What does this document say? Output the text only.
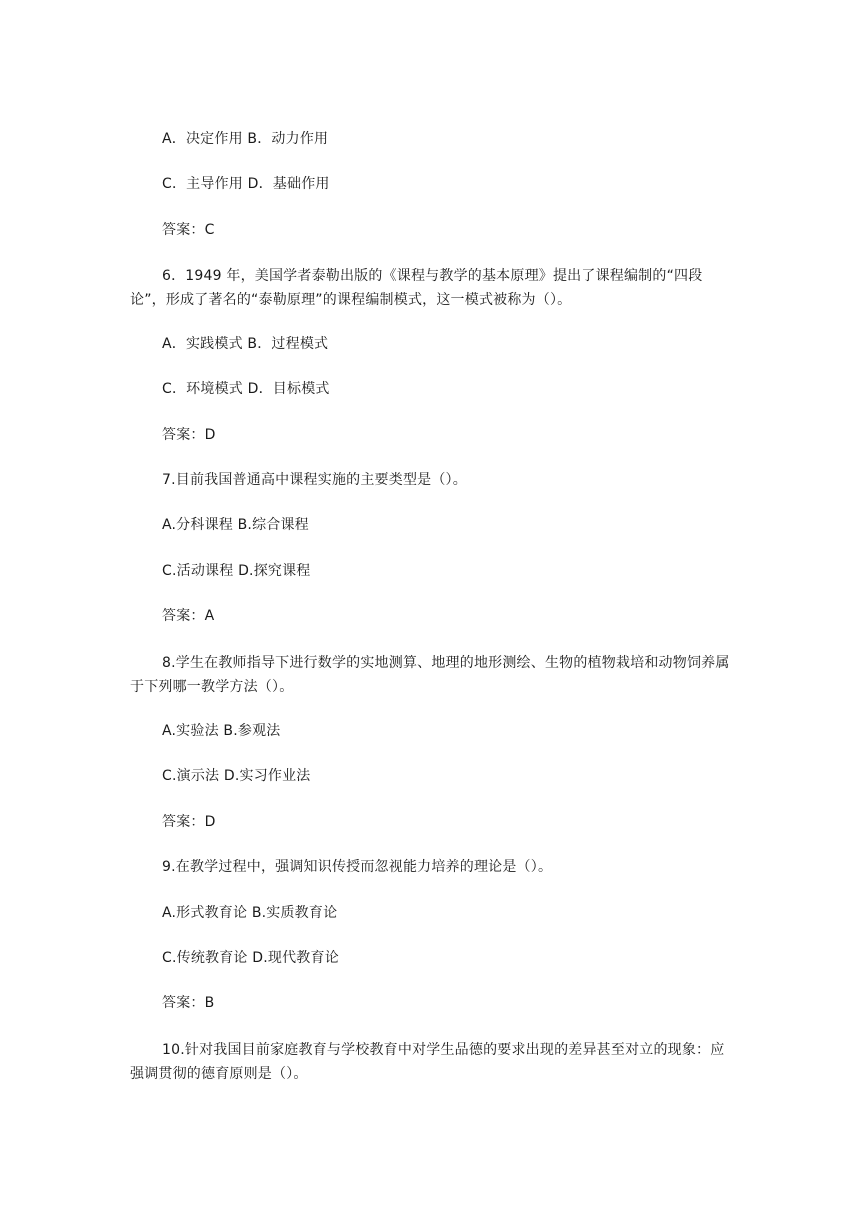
A．决定作用 B．动力作用
C．主导作用 D．基础作用
答案：C
6．1949 年，美国学者泰勒出版的《课程与教学的基本原理》提出了课程编制的“四段论”，形成了著名的“泰勒原理”的课程编制模式，这一模式被称为（）。
A．实践模式 B．过程模式
C．环境模式 D．目标模式
答案：D
7.目前我国普通高中课程实施的主要类型是（）。
A.分科课程 B.综合课程
C.活动课程 D.探究课程
答案：A
8.学生在教师指导下进行数学的实地测算、地理的地形测绘、生物的植物栽培和动物饲养属于下列哪一教学方法（）。
A.实验法 B.参观法
C.演示法 D.实习作业法
答案：D
9.在教学过程中，强调知识传授而忽视能力培养的理论是（）。
A.形式教育论 B.实质教育论
C.传统教育论 D.现代教育论
答案：B
10.针对我国目前家庭教育与学校教育中对学生品德的要求出现的差异甚至对立的现象：应强调贯彻的德育原则是（）。
